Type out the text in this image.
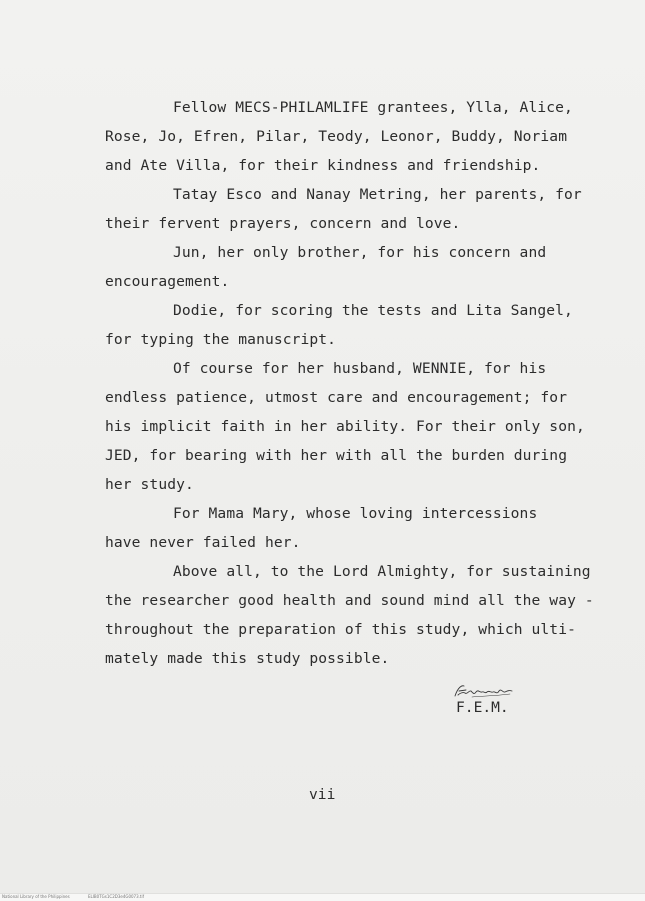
Fellow MECS-PHILAMLIFE grantees, Ylla, Alice,
Rose, Jo, Efren, Pilar, Teody, Leonor, Buddy, Noriam
and Ate Villa, for their kindness and friendship.
Tatay Esco and Nanay Metring, her parents, for
their fervent prayers, concern and love.
Jun, her only brother, for his concern and
encouragement.
Dodie, for scoring the tests and Lita Sangel,
for typing the manuscript.
Of course for her husband, WENNIE, for his
endless patience, utmost care and encouragement; for
his implicit faith in her ability. For their only son,
JED, for bearing with her with all the burden during
her study.
For Mama Mary, whose loving intercessions
have never failed her.
Above all, to the Lord Almighty, for sustaining
the researcher good health and sound mind all the way -
throughout the preparation of this study, which ulti-
mately made this study possible.
F.E.M.
vii
National Library of the Philippines	ELIB0TGs1C2D3e4G0073.tif
